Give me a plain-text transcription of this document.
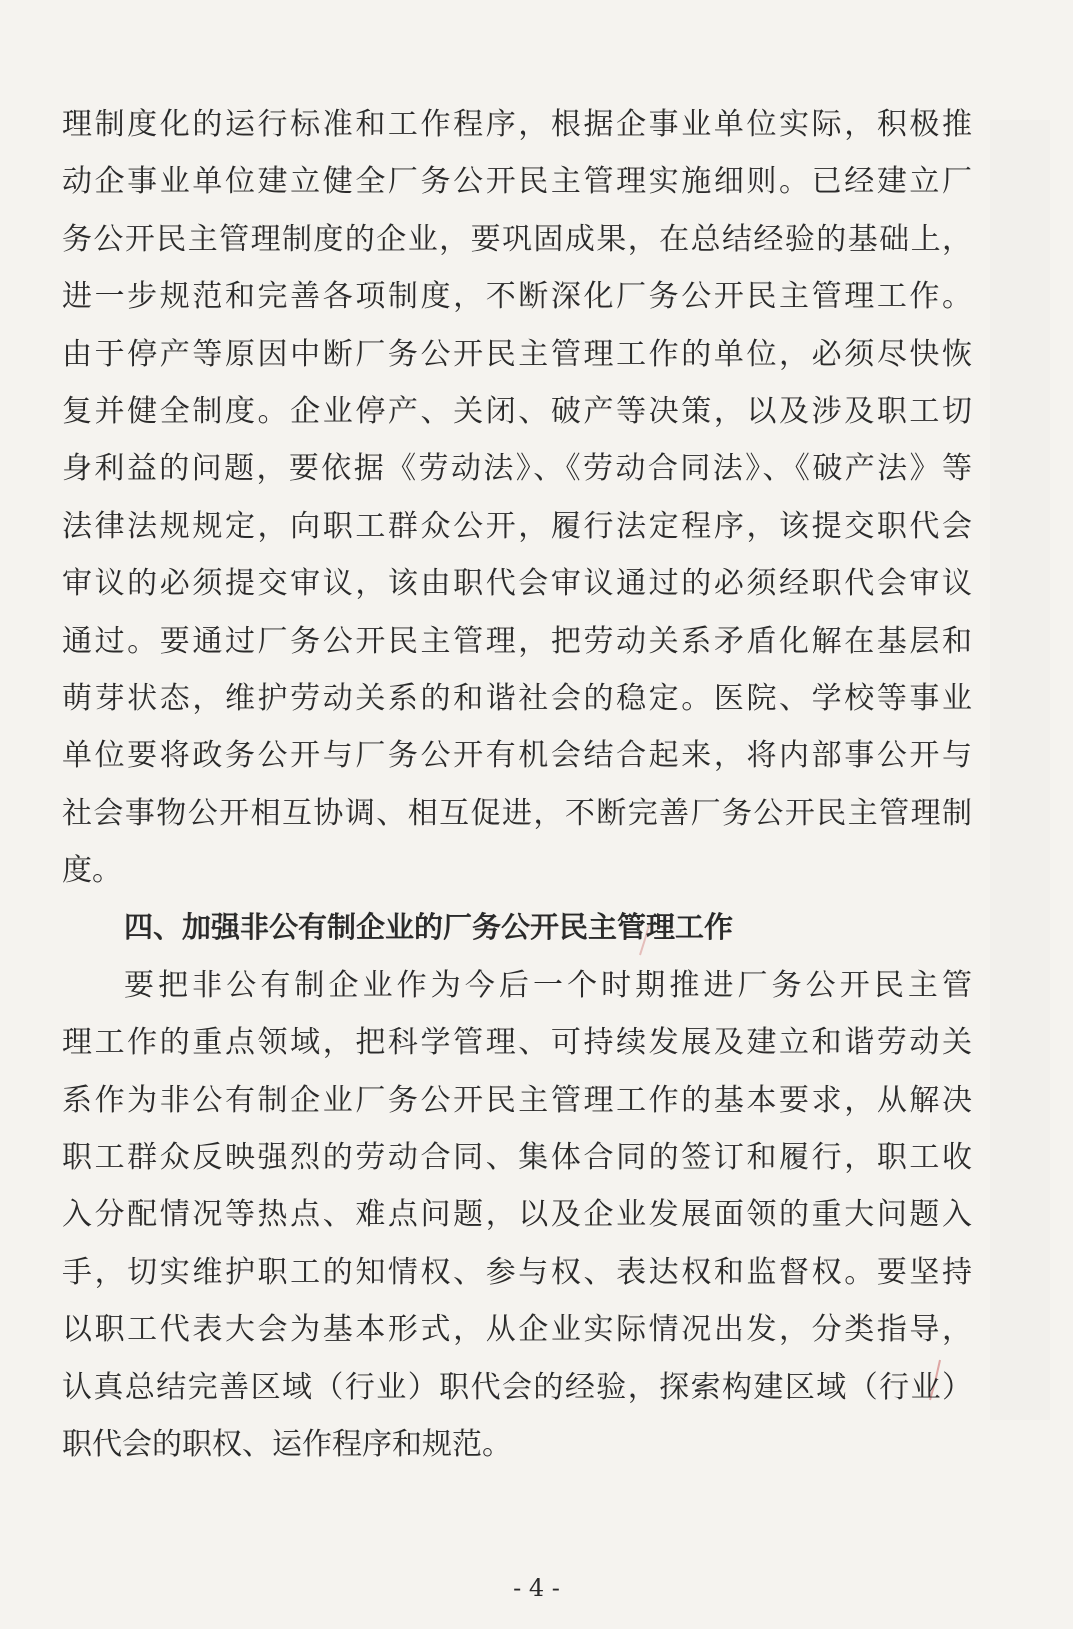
理制度化的运行标准和工作程序，根据企事业单位实际，积极推
动企事业单位建立健全厂务公开民主管理实施细则。已经建立厂
务公开民主管理制度的企业，要巩固成果，在总结经验的基础上，
进一步规范和完善各项制度，不断深化厂务公开民主管理工作。
由于停产等原因中断厂务公开民主管理工作的单位，必须尽快恢
复并健全制度。企业停产、关闭、破产等决策，以及涉及职工切
身利益的问题，要依据《劳动法》、《劳动合同法》、《破产法》等
法律法规规定，向职工群众公开，履行法定程序，该提交职代会
审议的必须提交审议，该由职代会审议通过的必须经职代会审议
通过。要通过厂务公开民主管理，把劳动关系矛盾化解在基层和
萌芽状态，维护劳动关系的和谐社会的稳定。医院、学校等事业
单位要将政务公开与厂务公开有机会结合起来，将内部事公开与
社会事物公开相互协调、相互促进，不断完善厂务公开民主管理制
度。
四、加强非公有制企业的厂务公开民主管理工作
要把非公有制企业作为今后一个时期推进厂务公开民主管
理工作的重点领域，把科学管理、可持续发展及建立和谐劳动关
系作为非公有制企业厂务公开民主管理工作的基本要求，从解决
职工群众反映强烈的劳动合同、集体合同的签订和履行，职工收
入分配情况等热点、难点问题，以及企业发展面领的重大问题入
手，切实维护职工的知情权、参与权、表达权和监督权。要坚持
以职工代表大会为基本形式，从企业实际情况出发，分类指导，
认真总结完善区域（行业）职代会的经验，探索构建区域（行业）
职代会的职权、运作程序和规范。
- 4 -
